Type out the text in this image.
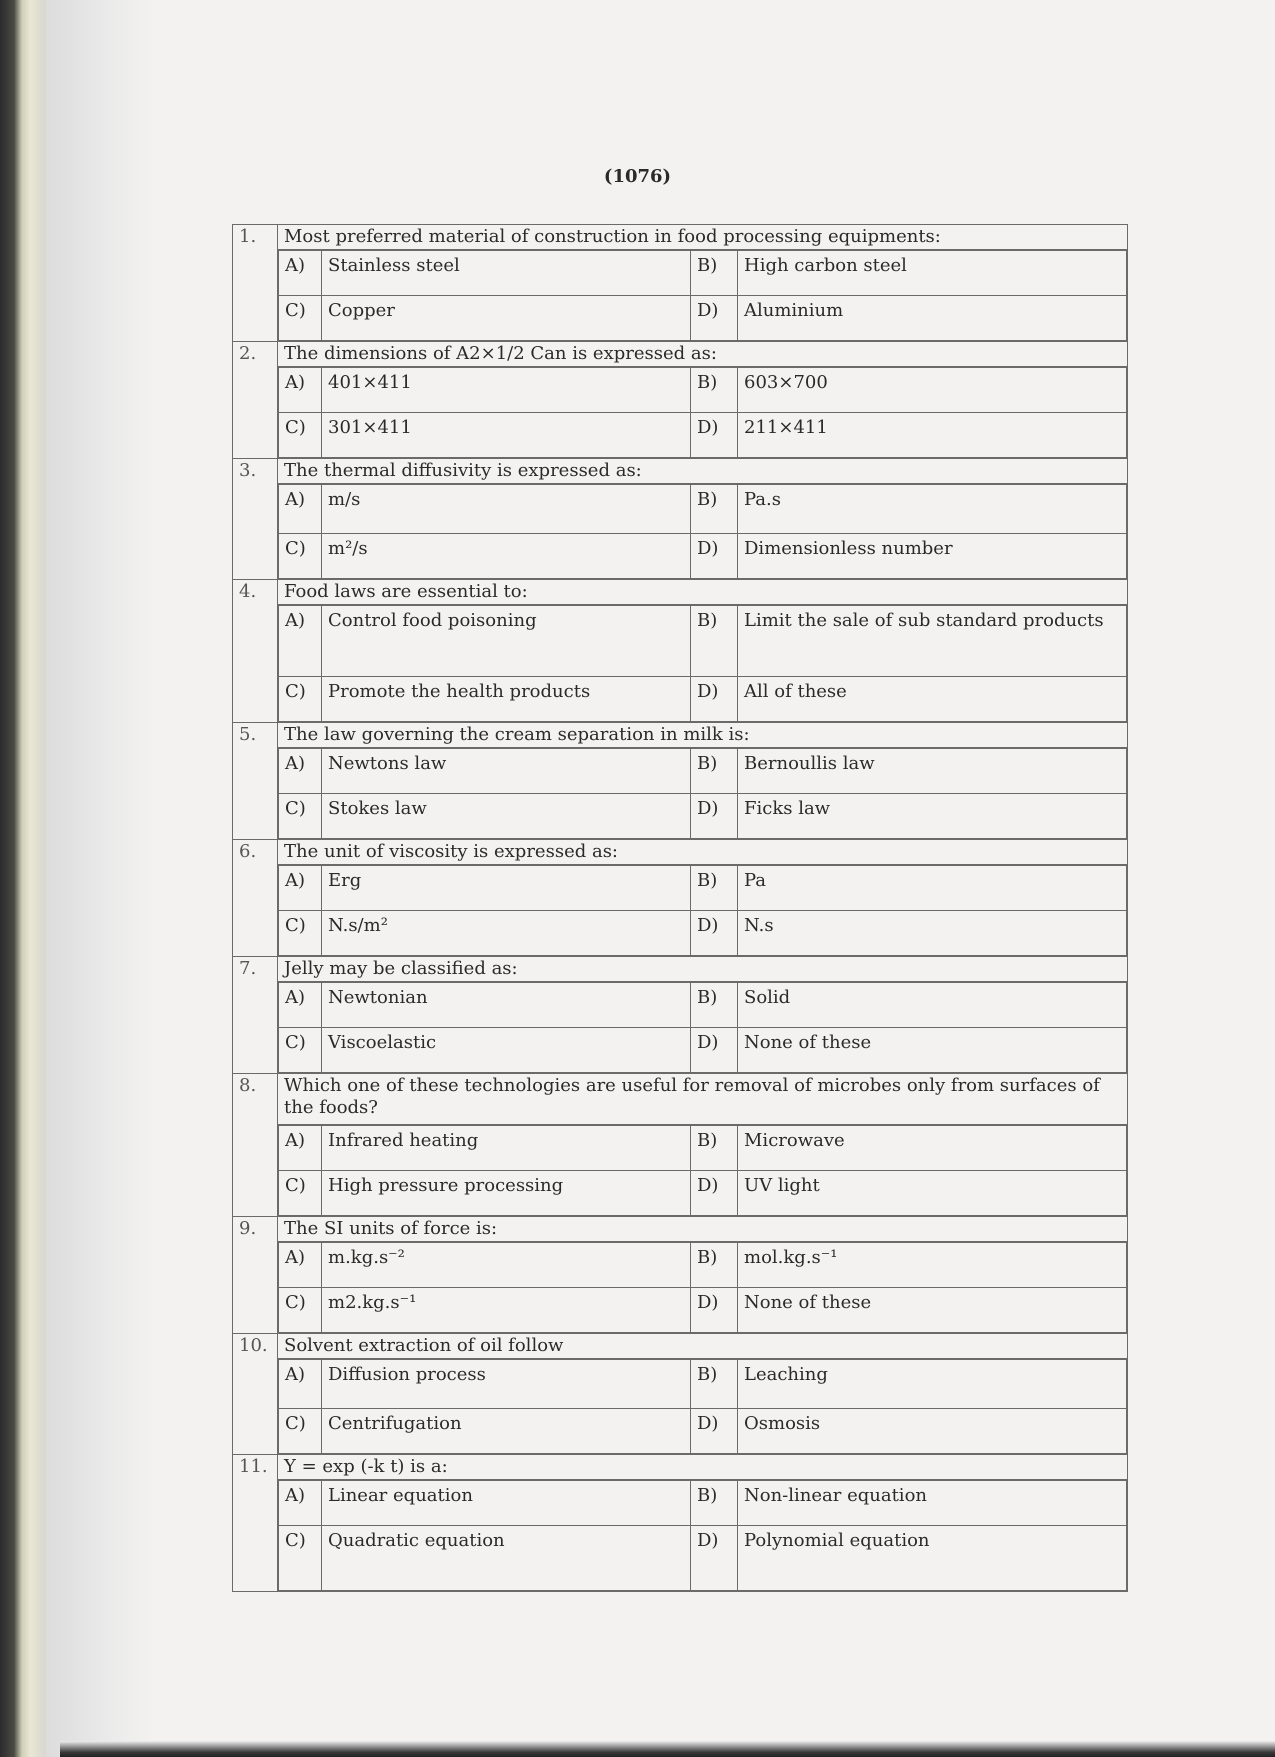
(1076)
1.	Most preferred material of construction in food processing equipments:

A)	Stainless steel	B)	High carbon steel
C)	Copper	D)	Aluminium

2.	The dimensions of A2×1/2 Can is expressed as:

A)	401×411	B)	603×700
C)	301×411	D)	211×411

3.	The thermal diffusivity is expressed as:

A)	m/s	B)	Pa.s
C)	m²/s	D)	Dimensionless number

4.	Food laws are essential to:

A)	Control food poisoning	B)	Limit the sale of sub standard products
C)	Promote the health products	D)	All of these

5.	The law governing the cream separation in milk is:

A)	Newtons law	B)	Bernoullis law
C)	Stokes law	D)	Ficks law

6.	The unit of viscosity is expressed as:

A)	Erg	B)	Pa
C)	N.s/m²	D)	N.s

7.	Jelly may be classified as:

A)	Newtonian	B)	Solid
C)	Viscoelastic	D)	None of these

8.	Which one of these technologies are useful for removal of microbes only from surfaces of the foods?

A)	Infrared heating	B)	Microwave
C)	High pressure processing	D)	UV light

9.	The SI units of force is:

A)	m.kg.s⁻²	B)	mol.kg.s⁻¹
C)	m2.kg.s⁻¹	D)	None of these

10.	Solvent extraction of oil follow

A)	Diffusion process	B)	Leaching
C)	Centrifugation	D)	Osmosis

11.	Y = exp (-k t) is a:

A)	Linear equation	B)	Non-linear equation
C)	Quadratic equation	D)	Polynomial equation
